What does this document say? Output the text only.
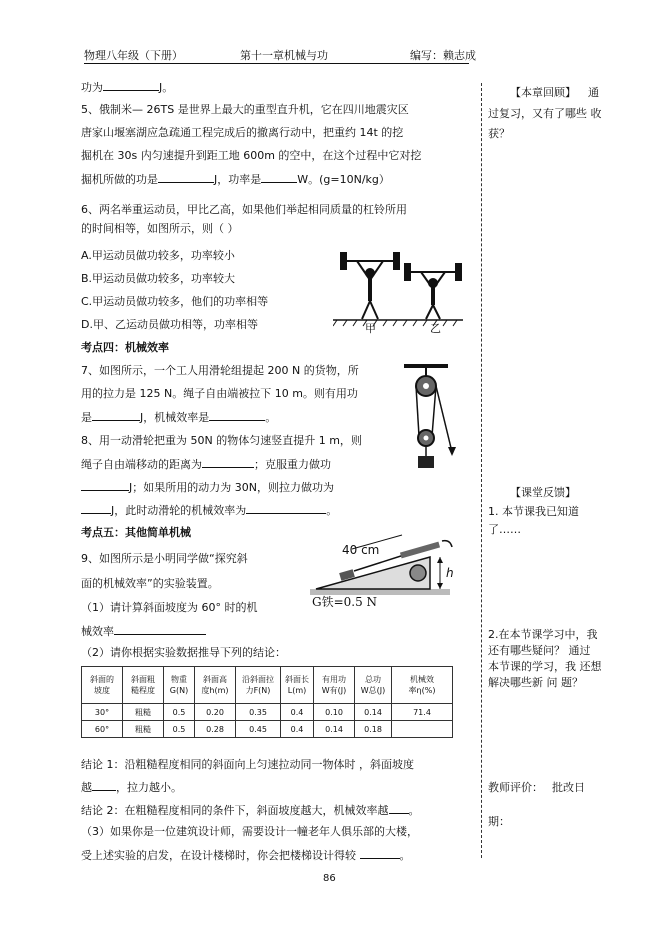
物理八年级（下册）	第十一章机械与功	编写：赖志成
功为	J。
5、俄制米— 26TS 是世界上最大的重型直升机，它在四川地震灾区
唐家山堰塞湖应急疏通工程完成后的撤离行动中，把重约 14t 的挖
掘机在 30s 内匀速提升到距工地 600m 的空中，在这个过程中它对挖
掘机所做的功是	J，功率是	W。(g=10N/kg）
6、两名举重运动员，甲比乙高，如果他们举起相同质量的杠铃所用
的时间相等，如图所示，则（ ）
A.甲运动员做功较多，功率较小
B.甲运动员做功较多，功率较大
C.甲运动员做功较多，他们的功率相等
D.甲、乙运动员做功相等，功率相等	甲	乙
考点四：机械效率
7、如图所示，一个工人用滑轮组提起 200 N 的货物，所
用的拉力是 125 N。绳子自由端被拉下 10 m。则有用功
是	J，机械效率是	。
8、用一动滑轮把重为 50N 的物体匀速竖直提升 1 m，则
绳子自由端移动的距离为	；克服重力做功
J；如果所用的动力为 30N，则拉力做功为
J，此时动滑轮的机械效率为	。
考点五：其他简单机械
9、如图所示是小明同学做“探究斜
面的机械效率”的实验装置。
（1）请计算斜面坡度为 60° 时的机
械效率
（2）请你根据实验数据推导下列的结论：
40 cm
h
G铁=0.5 N
斜面的
坡度	斜面粗
糙程度	物重
G(N)	斜面高
度h(m)	沿斜面拉
力F(N)	斜面长
L(m)	有用功
W有(J)	总功
W总(J)	机械效
率η(%)
30°	粗糙	0.5	0.20	0.35	0.4	0.10	0.14	71.4
60°	粗糙	0.5	0.28	0.45	0.4	0.14	0.18	
结论 1：沿粗糙程度相同的斜面向上匀速拉动同一物体时 ，斜面坡度
越 ，拉力越小。
结论 2：在粗糙程度相同的条件下，斜面坡度越大，机械效率越 。
（3）如果你是一位建筑设计师，需要设计一幢老年人俱乐部的大楼，
受上述实验的启发，在设计楼梯时，你会把楼梯设计得较	。
86
【本章回顾】 通
过复习，又有了哪些 收
获？
【课堂反馈】
1. 本节课我已知道
了……
2.在本节课学习中，我
还有哪些疑问？ 通过
本节课的学习，我 还想
解决哪些新 问 题？
教师评价： 批改日
期：
